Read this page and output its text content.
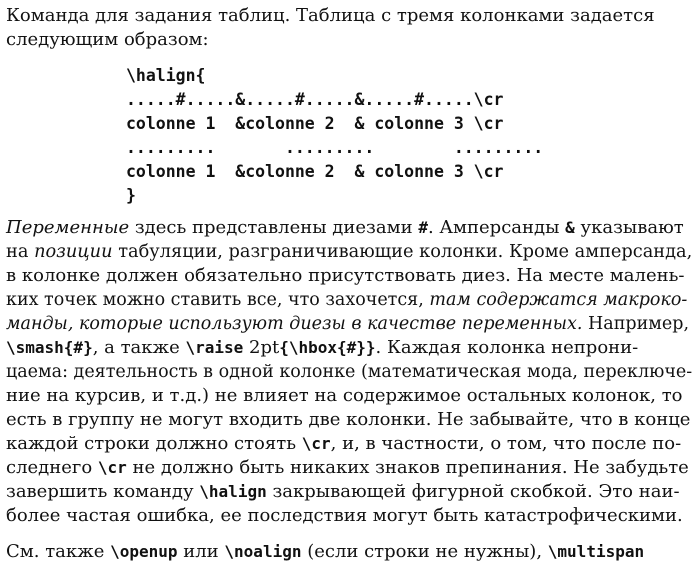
Команда для задания таблиц. Таблица с тремя колонками задается
следующим образом:
\halign{
.....#.....&.....#.....&.....#.....\cr
colonne 1  &colonne 2  & colonne 3 \cr
.........       .........        .........
colonne 1  &colonne 2  & colonne 3 \cr
}
Переменные здесь представлены диезами #. Амперсанды & указывают
на позиции табуляции, разграничивающие колонки. Кроме амперсанда,
в колонке должен обязательно присутствовать диез. На месте малень-
ких точек можно ставить все, что захочется, там содержатся макроко-
манды, которые используют диезы в качестве переменных. Например,
\smash{#}, а также \raise 2pt{\hbox{#}}. Каждая колонка непрони-
цаема: деятельность в одной колонке (математическая мода, переключе-
ние на курсив, и т.д.) не влияет на содержимое остальных колонок, то
есть в группу не могут входить две колонки. Не забывайте, что в конце
каждой строки должно стоять \cr, и, в частности, о том, что после по-
следнего \cr не должно быть никаких знаков препинания. Не забудьте
завершить команду \halign закрывающей фигурной скобкой. Это наи-
более частая ошибка, ее последствия могут быть катастрофическими.
См. также \openup или \noalign (если строки не нужны), \multispan
